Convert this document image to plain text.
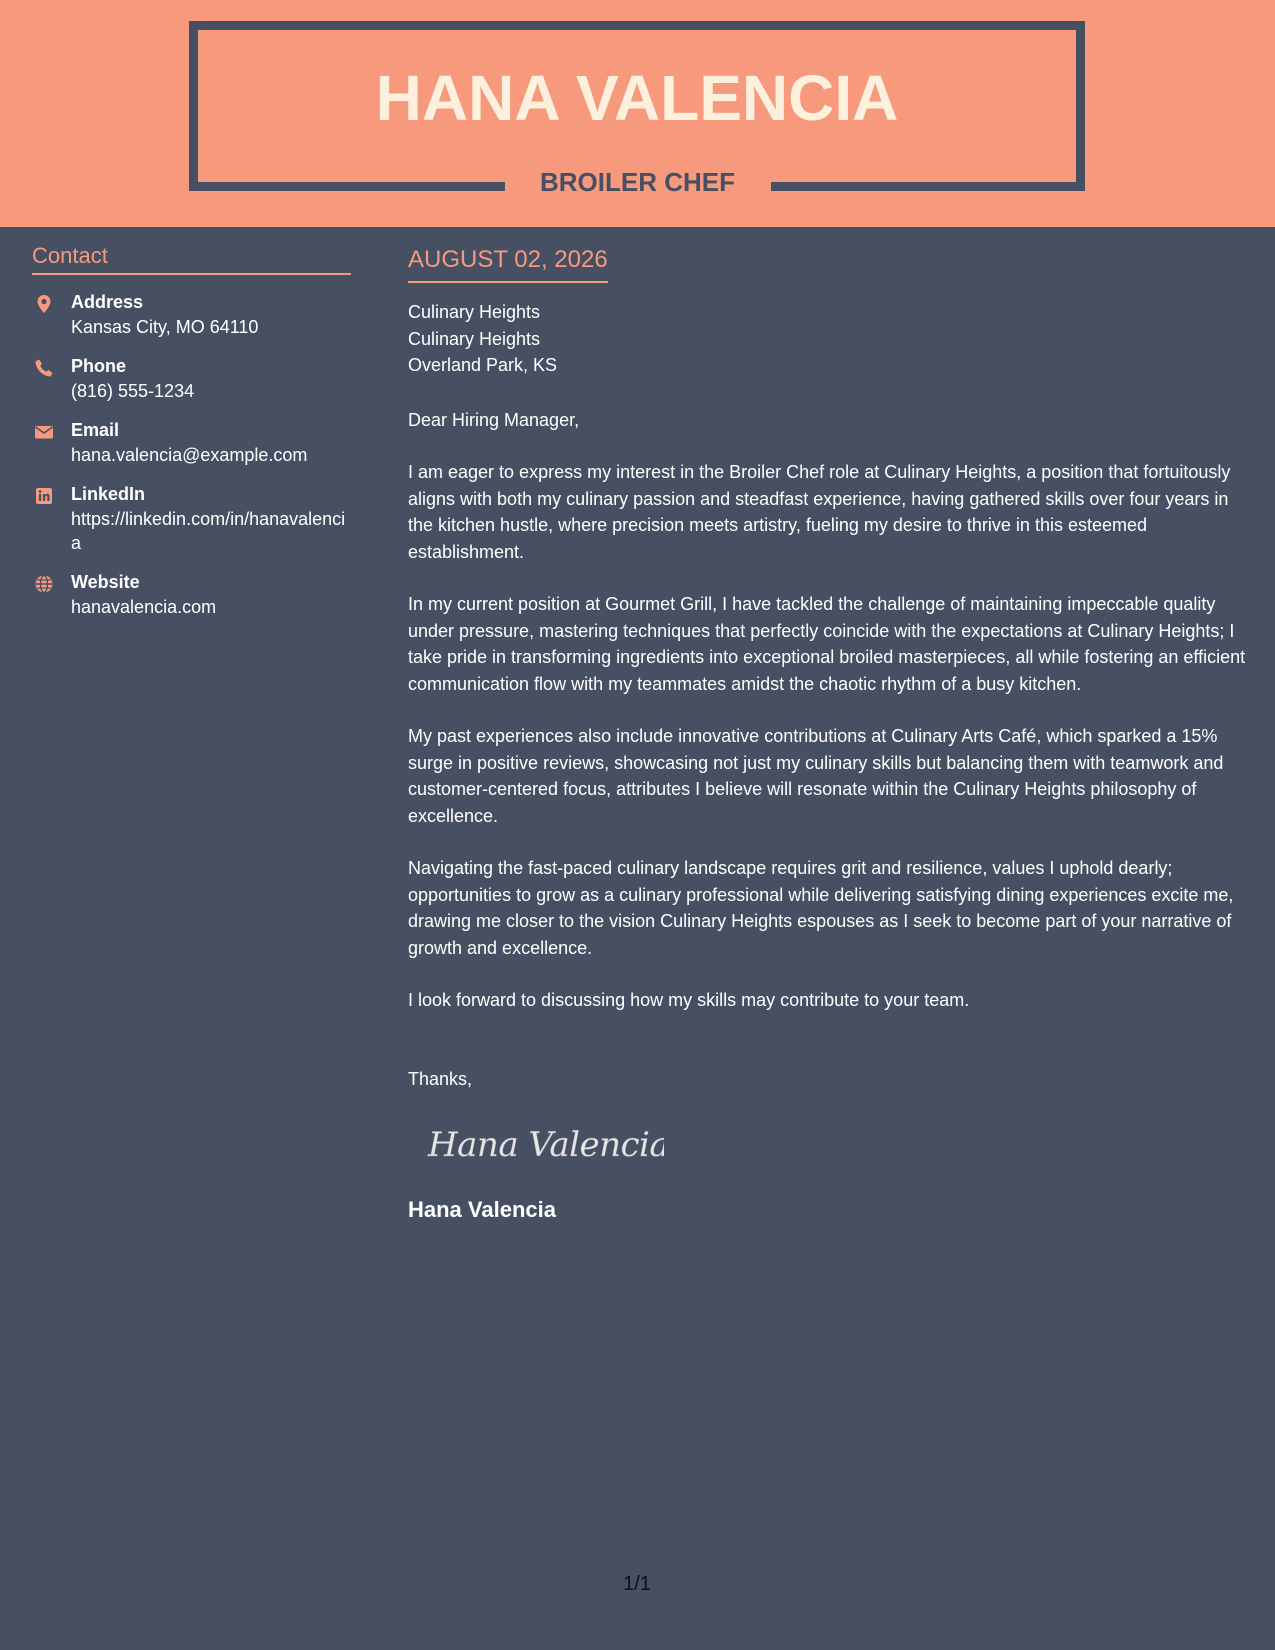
HANA VALENCIA
BROILER CHEF
Contact
Address
Kansas City, MO 64110
Phone
(816) 555-1234
Email
hana.valencia@example.com
LinkedIn
https://linkedin.com/in/hanavalencia
Website
hanavalencia.com
AUGUST 02, 2026
Culinary Heights
Culinary Heights
Overland Park, KS
Dear Hiring Manager,
I am eager to express my interest in the Broiler Chef role at Culinary Heights, a position that fortuitously aligns with both my culinary passion and steadfast experience, having gathered skills over four years in the kitchen hustle, where precision meets artistry, fueling my desire to thrive in this esteemed establishment.
In my current position at Gourmet Grill, I have tackled the challenge of maintaining impeccable quality under pressure, mastering techniques that perfectly coincide with the expectations at Culinary Heights; I take pride in transforming ingredients into exceptional broiled masterpieces, all while fostering an efficient communication flow with my teammates amidst the chaotic rhythm of a busy kitchen.
My past experiences also include innovative contributions at Culinary Arts Café, which sparked a 15% surge in positive reviews, showcasing not just my culinary skills but balancing them with teamwork and customer-centered focus, attributes I believe will resonate within the Culinary Heights philosophy of excellence.
Navigating the fast-paced culinary landscape requires grit and resilience, values I uphold dearly; opportunities to grow as a culinary professional while delivering satisfying dining experiences excite me, drawing me closer to the vision Culinary Heights espouses as I seek to become part of your narrative of growth and excellence.
I look forward to discussing how my skills may contribute to your team.
Thanks,
Hana Valencia
Hana Valencia
1/1
